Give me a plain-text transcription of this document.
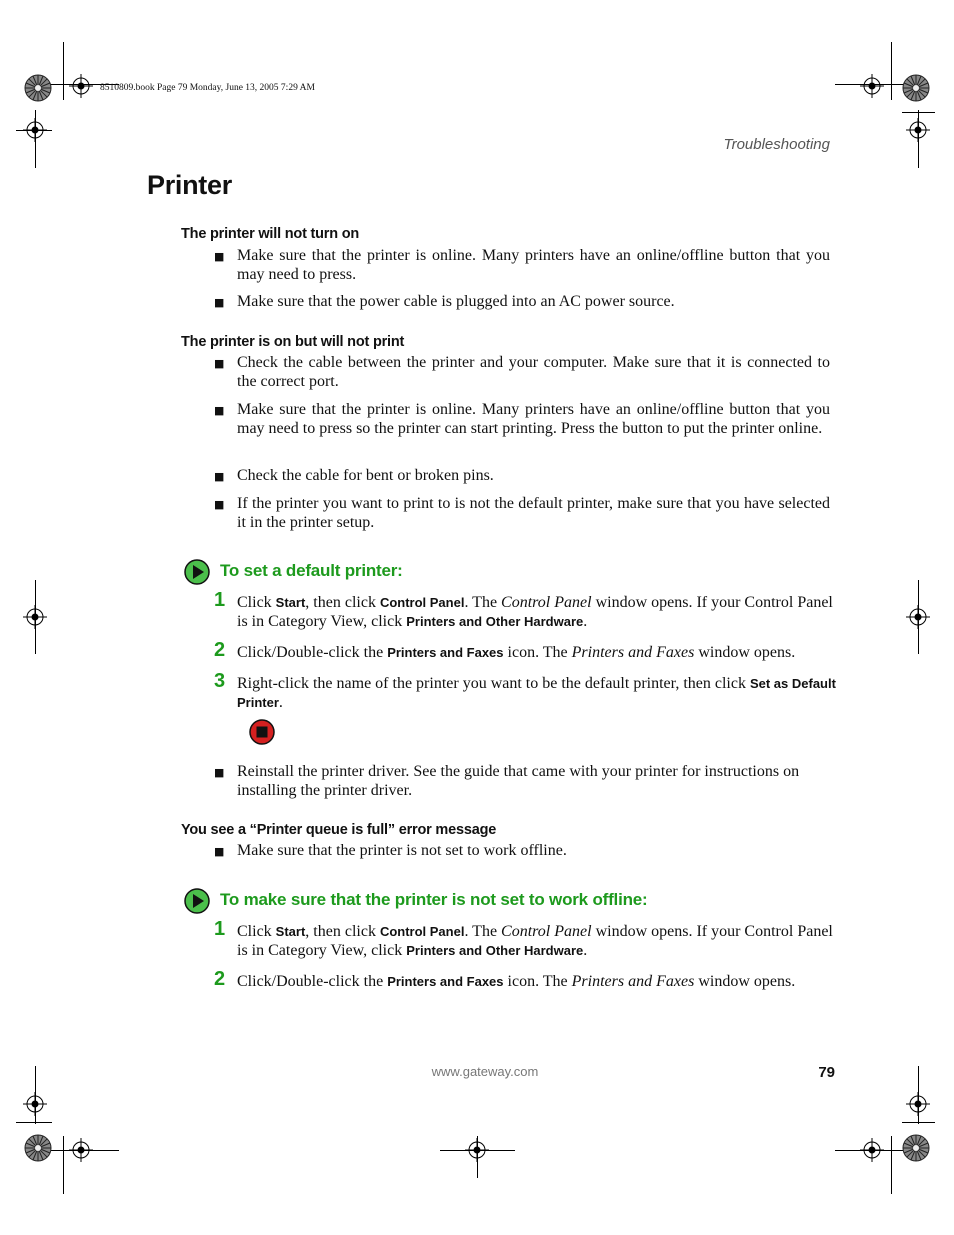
8510809.book Page 79 Monday, June 13, 2005 7:29 AM
Troubleshooting
Printer
The printer will not turn on
■ Make sure that the printer is online. Many printers have an online/offline button that you may need to press.
■ Make sure that the power cable is plugged into an AC power source.
The printer is on but will not print
■ Check the cable between the printer and your computer. Make sure that it is connected to the correct port.
■ Make sure that the printer is online. Many printers have an online/offline button that you may need to press so the printer can start printing. Press the button to put the printer online.
■ Check the cable for bent or broken pins.
■ If the printer you want to print to is not the default printer, make sure that you have selected it in the printer setup.
To set a default printer:
1 Click Start, then click Control Panel. The Control Panel window opens. If your Control Panel is in Category View, click Printers and Other Hardware.
2 Click/Double-click the Printers and Faxes icon. The Printers and Faxes window opens.
3 Right-click the name of the printer you want to be the default printer, then click Set as Default Printer.
■ Reinstall the printer driver. See the guide that came with your printer for instructions on installing the printer driver.
You see a “Printer queue is full” error message
■ Make sure that the printer is not set to work offline.
To make sure that the printer is not set to work offline:
1 Click Start, then click Control Panel. The Control Panel window opens. If your Control Panel is in Category View, click Printers and Other Hardware.
2 Click/Double-click the Printers and Faxes icon. The Printers and Faxes window opens.
www.gateway.com	79
